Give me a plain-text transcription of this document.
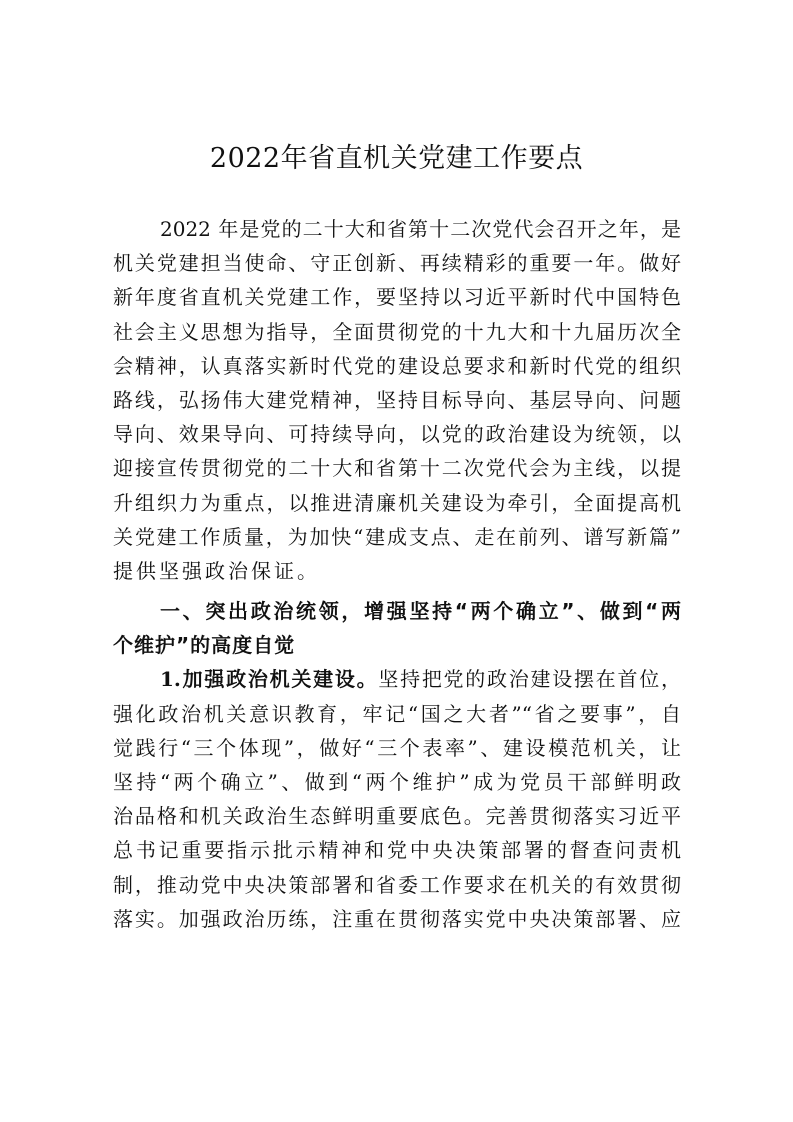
2022年省直机关党建工作要点
2022 年是党的二十大和省第十二次党代会召开之年，是
机关党建担当使命、守正创新、再续精彩的重要一年。做好
新年度省直机关党建工作，要坚持以习近平新时代中国特色
社会主义思想为指导，全面贯彻党的十九大和十九届历次全
会精神，认真落实新时代党的建设总要求和新时代党的组织
路线，弘扬伟大建党精神，坚持目标导向、基层导向、问题
导向、效果导向、可持续导向，以党的政治建设为统领，以
迎接宣传贯彻党的二十大和省第十二次党代会为主线，以提
升组织力为重点，以推进清廉机关建设为牵引，全面提高机
关党建工作质量，为加快“建成支点、走在前列、谱写新篇”
提供坚强政治保证。
一、突出政治统领，增强坚持“两个确立”、做到“两
个维护”的高度自觉
1.加强政治机关建设。坚持把党的政治建设摆在首位，
强化政治机关意识教育，牢记“国之大者”“省之要事”，自
觉践行“三个体现”，做好“三个表率”、建设模范机关，让
坚持“两个确立”、做到“两个维护”成为党员干部鲜明政
治品格和机关政治生态鲜明重要底色。完善贯彻落实习近平
总书记重要指示批示精神和党中央决策部署的督查问责机
制，推动党中央决策部署和省委工作要求在机关的有效贯彻
落实。加强政治历练，注重在贯彻落实党中央决策部署、应
